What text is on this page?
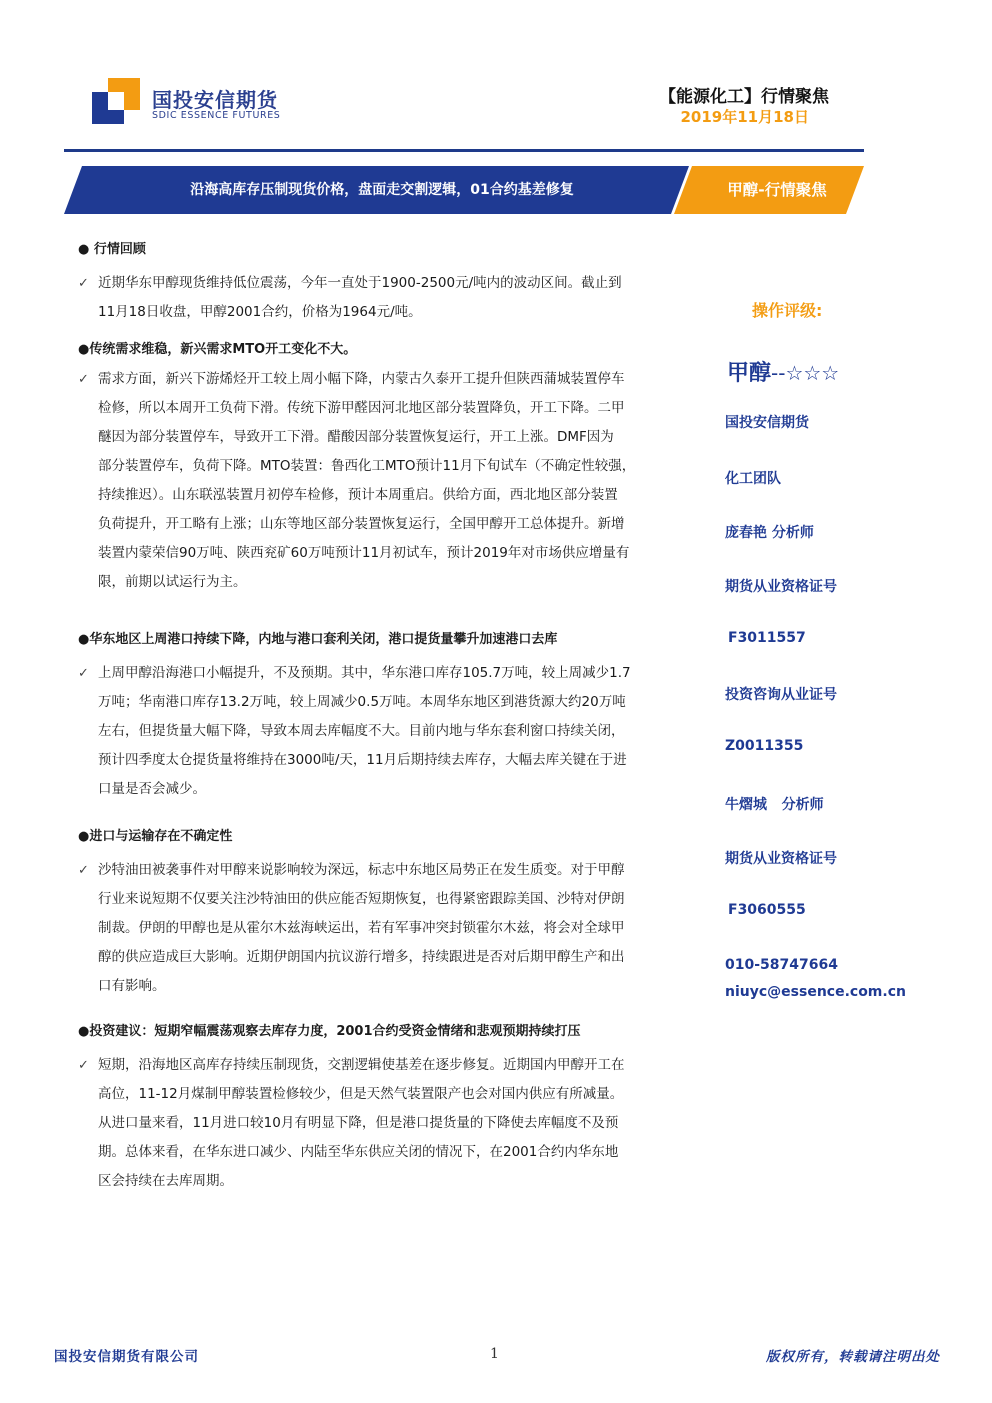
国投安信期货
SDIC ESSENCE FUTURES
【能源化工】行情聚焦
2019年11月18日
沿海高库存压制现货价格，盘面走交割逻辑，01合约基差修复	甲醇-行情聚焦
● 行情回顾
✓ 近期华东甲醇现货维持低位震荡，今年一直处于1900-2500元/吨内的波动区间。截止到
11月18日收盘，甲醇2001合约，价格为1964元/吨。
●传统需求维稳，新兴需求MTO开工变化不大。
✓ 需求方面，新兴下游烯烃开工较上周小幅下降，内蒙古久泰开工提升但陕西蒲城装置停车
检修，所以本周开工负荷下滑。传统下游甲醛因河北地区部分装置降负，开工下降。二甲
醚因为部分装置停车，导致开工下滑。醋酸因部分装置恢复运行，开工上涨。DMF因为
部分装置停车，负荷下降。MTO装置：鲁西化工MTO预计11月下旬试车（不确定性较强，
持续推迟）。山东联泓装置月初停车检修，预计本周重启。供给方面，西北地区部分装置
负荷提升，开工略有上涨；山东等地区部分装置恢复运行，全国甲醇开工总体提升。新增
装置内蒙荣信90万吨、陕西兖矿60万吨预计11月初试车，预计2019年对市场供应增量有
限，前期以试运行为主。
●华东地区上周港口持续下降，内地与港口套利关闭，港口提货量攀升加速港口去库
✓ 上周甲醇沿海港口小幅提升，不及预期。其中，华东港口库存105.7万吨，较上周减少1.7
万吨；华南港口库存13.2万吨，较上周减少0.5万吨。本周华东地区到港货源大约20万吨
左右，但提货量大幅下降，导致本周去库幅度不大。目前内地与华东套利窗口持续关闭，
预计四季度太仓提货量将维持在3000吨/天，11月后期持续去库存，大幅去库关键在于进
口量是否会减少。
●进口与运输存在不确定性
✓ 沙特油田被袭事件对甲醇来说影响较为深远，标志中东地区局势正在发生质变。对于甲醇
行业来说短期不仅要关注沙特油田的供应能否短期恢复，也得紧密跟踪美国、沙特对伊朗
制裁。伊朗的甲醇也是从霍尔木兹海峡运出，若有军事冲突封锁霍尔木兹，将会对全球甲
醇的供应造成巨大影响。近期伊朗国内抗议游行增多，持续跟进是否对后期甲醇生产和出
口有影响。
●投资建议：短期窄幅震荡观察去库存力度，2001合约受资金情绪和悲观预期持续打压
✓ 短期，沿海地区高库存持续压制现货，交割逻辑使基差在逐步修复。近期国内甲醇开工在
高位，11-12月煤制甲醇装置检修较少，但是天然气装置限产也会对国内供应有所减量。
从进口量来看，11月进口较10月有明显下降，但是港口提货量的下降使去库幅度不及预
期。总体来看，在华东进口减少、内陆至华东供应关闭的情况下，在2001合约内华东地
区会持续在去库周期。
操作评级:
甲醇--☆☆☆
国投安信期货
化工团队
庞春艳 分析师
期货从业资格证号
F3011557
投资咨询从业证号
Z0011355
牛熠城   分析师
期货从业资格证号
F3060555
010-58747664
niuyc@essence.com.cn
国投安信期货有限公司	1	版权所有，转载请注明出处
